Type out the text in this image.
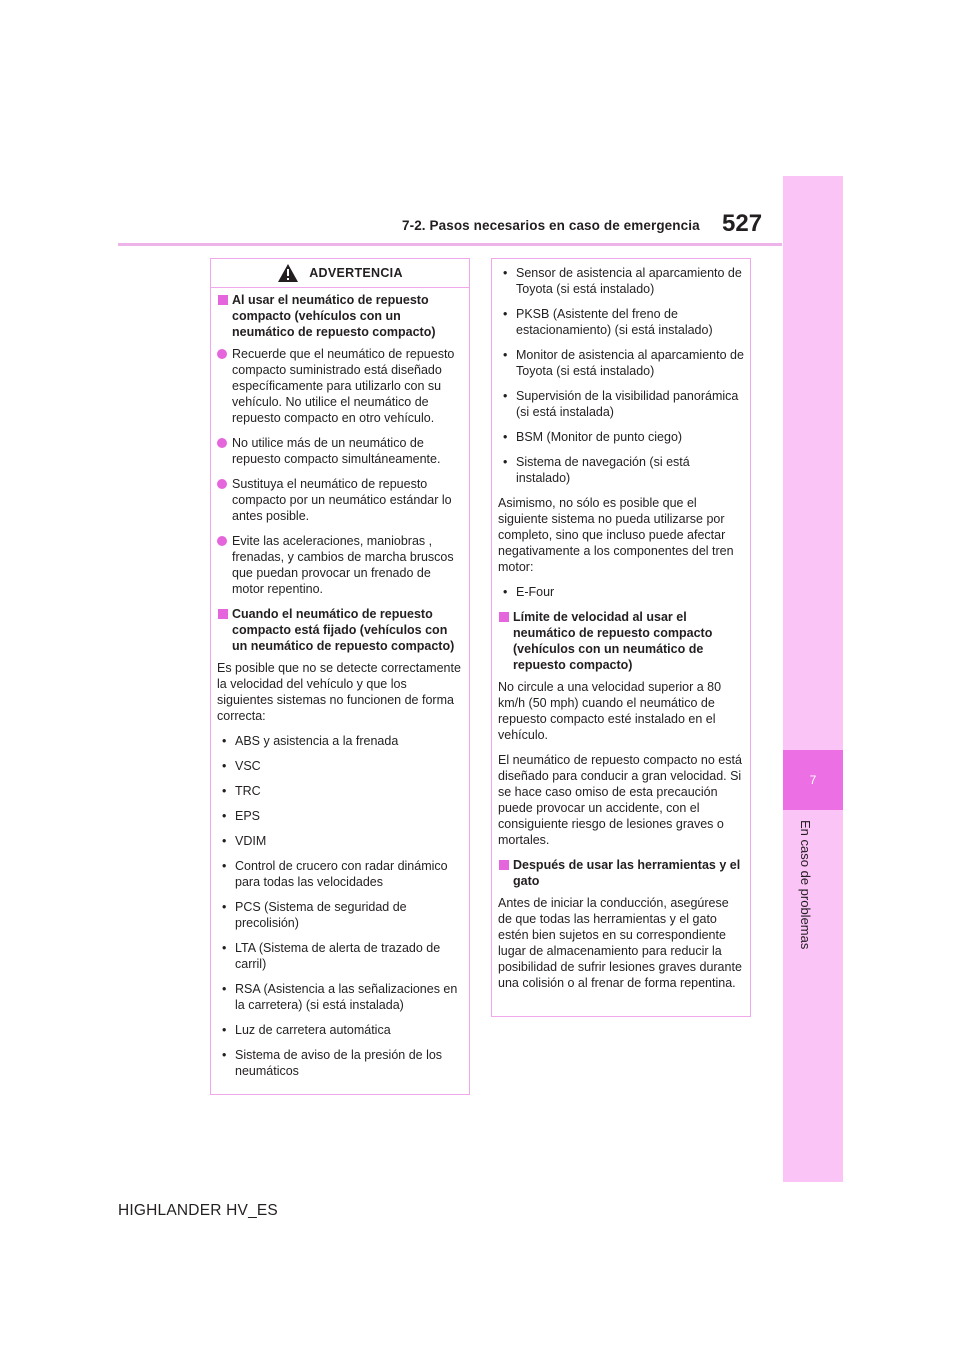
7-2. Pasos necesarios en caso de emergencia 527
7
En caso de problemas
ADVERTENCIA
Al usar el neumático de repuesto compacto (vehículos con un neumático de repuesto compacto)
Recuerde que el neumático de repuesto compacto suministrado está diseñado específicamente para utilizarlo con su vehículo. No utilice el neumático de repuesto compacto en otro vehículo.
No utilice más de un neumático de repuesto compacto simultáneamente.
Sustituya el neumático de repuesto compacto por un neumático estándar lo antes posible.
Evite las aceleraciones, maniobras , frenadas, y cambios de marcha bruscos que puedan provocar un frenado de motor repentino.
Cuando el neumático de repuesto compacto está fijado (vehículos con un neumático de repuesto compacto)
Es posible que no se detecte correctamente la velocidad del vehículo y que los siguientes sistemas no funcionen de forma correcta:
• ABS y asistencia a la frenada
• VSC
• TRC
• EPS
• VDIM
• Control de crucero con radar dinámico para todas las velocidades
• PCS (Sistema de seguridad de precolisión)
• LTA (Sistema de alerta de trazado de carril)
• RSA (Asistencia a las señalizaciones en la carretera) (si está instalada)
• Luz de carretera automática
• Sistema de aviso de la presión de los neumáticos
• Sensor de asistencia al aparcamiento de Toyota (si está instalado)
• PKSB (Asistente del freno de estacionamiento) (si está instalado)
• Monitor de asistencia al aparcamiento de Toyota (si está instalado)
• Supervisión de la visibilidad panorámica (si está instalada)
• BSM (Monitor de punto ciego)
• Sistema de navegación (si está instalado)
Asimismo, no sólo es posible que el siguiente sistema no pueda utilizarse por completo, sino que incluso puede afectar negativamente a los componentes del tren motor:
• E-Four
Límite de velocidad al usar el neumático de repuesto compacto (vehículos con un neumático de repuesto compacto)
No circule a una velocidad superior a 80 km/h (50 mph) cuando el neumático de repuesto compacto esté instalado en el vehículo.
El neumático de repuesto compacto no está diseñado para conducir a gran velocidad. Si se hace caso omiso de esta precaución puede provocar un accidente, con el consiguiente riesgo de lesiones graves o mortales.
Después de usar las herramientas y el gato
Antes de iniciar la conducción, asegúrese de que todas las herramientas y el gato estén bien sujetos en su correspondiente lugar de almacenamiento para reducir la posibilidad de sufrir lesiones graves durante una colisión o al frenar de forma repentina.
HIGHLANDER HV_ES
